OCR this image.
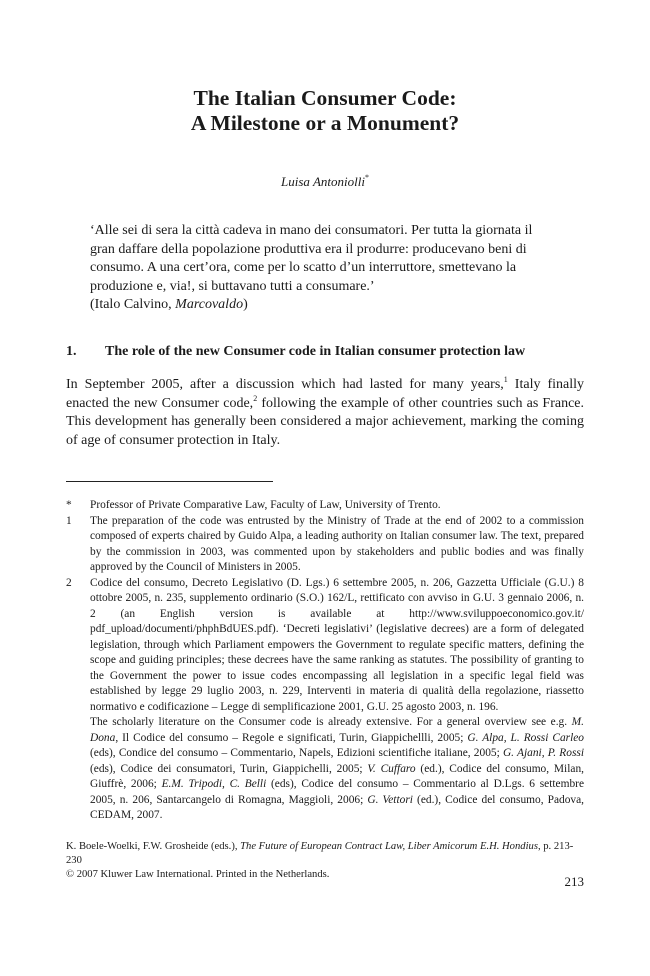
The Italian Consumer Code:
A Milestone or a Monument?
Luisa Antoniolli*
‘Alle sei di sera la città cadeva in mano dei consumatori. Per tutta la giornata il
gran daffare della popolazione produttiva era il produrre: producevano beni di
consumo. A una cert’ora, come per lo scatto d’un interruttore, smettevano la
produzione e, via!, si buttavano tutti a consumare.’
(Italo Calvino, Marcovaldo)
1. The role of the new Consumer code in Italian consumer protection law
In September 2005, after a discussion which had lasted for many years,$^1$ Italy finally enacted the new Consumer code,$^2$ following the example of other countries such as France. This development has generally been considered a major achievement, marking the coming of age of consumer protection in Italy.
* Professor of Private Comparative Law, Faculty of Law, University of Trento.
1 The preparation of the code was entrusted by the Ministry of Trade at the end of 2002 to a commission composed of experts chaired by Guido Alpa, a leading authority on Italian consumer law. The text, prepared by the commission in 2003, was commented upon by stakeholders and public bodies and was finally approved by the Council of Ministers in 2005.
2 Codice del consumo, Decreto Legislativo (D. Lgs.) 6 settembre 2005, n. 206, Gazzetta Ufficiale (G.U.) 8 ottobre 2005, n. 235, supplemento ordinario (S.O.) 162/L, rettificato con avviso in G.U. 3 gennaio 2006, n. 2 (an English version is available at http://www.sviluppoeconomico.gov.it/ pdf_upload/documenti/phphBdUES.pdf). ‘Decreti legislativi’ (legislative decrees) are a form of delegated legislation, through which Parliament empowers the Government to regulate specific matters, defining the scope and guiding principles; these decrees have the same ranking as statutes. The possibility of granting to the Government the power to issue codes encompassing all legislation in a specific legal field was established by legge 29 luglio 2003, n. 229, Interventi in materia di qualità della regolazione, riassetto normativo e codificazione – Legge di semplificazione 2001, G.U. 25 agosto 2003, n. 196.
The scholarly literature on the Consumer code is already extensive. For a general overview see e.g. M. Dona, Il Codice del consumo – Regole e significati, Turin, Giappichellli, 2005; G. Alpa, L. Rossi Carleo (eds), Condice del consumo – Commentario, Napels, Edizioni scientifiche italiane, 2005; G. Ajani, P. Rossi (eds), Codice dei consumatori, Turin, Giappichelli, 2005; V. Cuffaro (ed.), Codice del consumo, Milan, Giuffrè, 2006; E.M. Tripodi, C. Belli (eds), Codice del consumo – Commentario al D.Lgs. 6 settembre 2005, n. 206, Santarcangelo di Romagna, Maggioli, 2006; G. Vettori (ed.), Codice del consumo, Padova, CEDAM, 2007.
K. Boele-Woelki, F.W. Grosheide (eds.), The Future of European Contract Law, Liber Amicorum E.H. Hondius, p. 213-230
© 2007 Kluwer Law International. Printed in the Netherlands.	213
